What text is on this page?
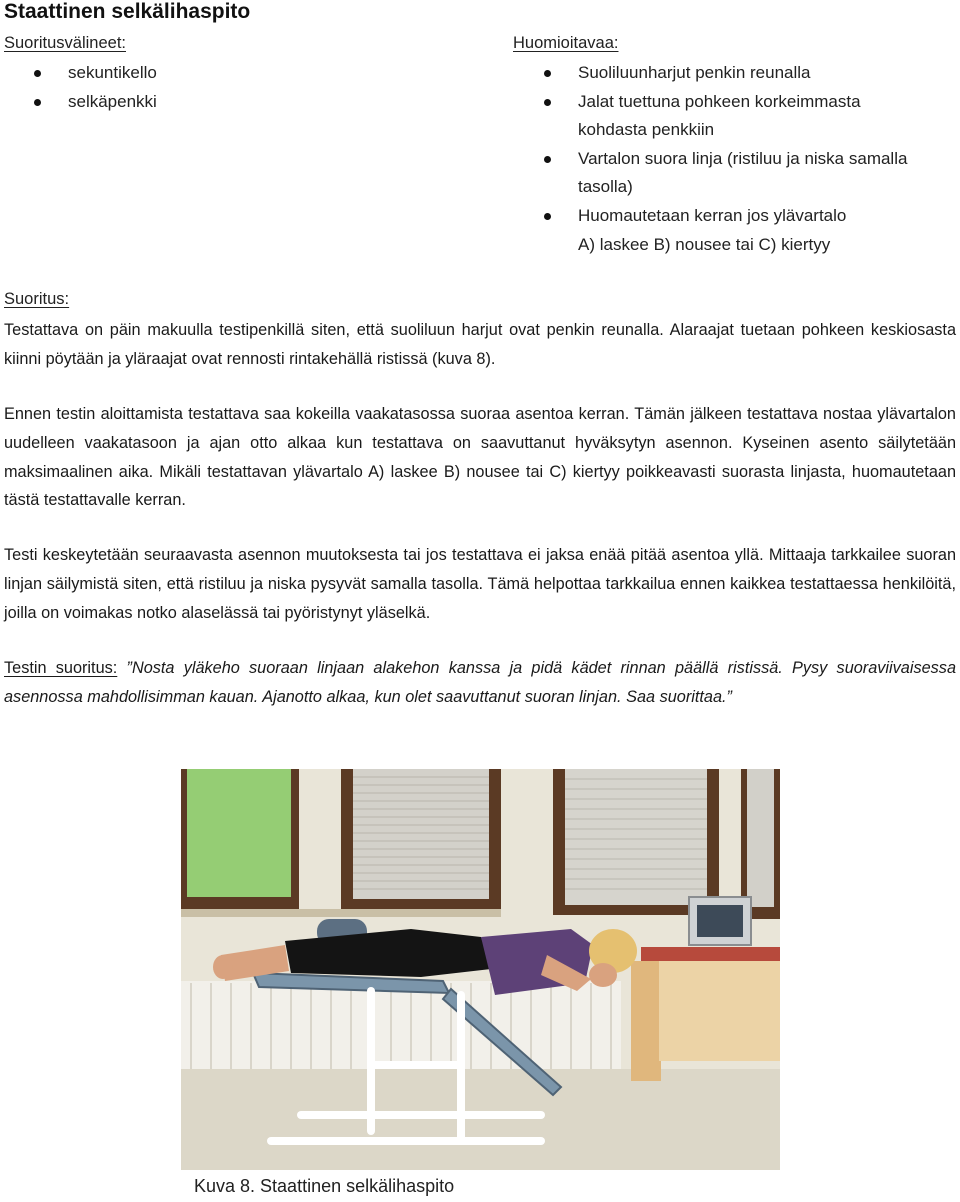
Staattinen selkälihaspito
Suoritusvälineet:
sekuntikello
selkäpenkki
Huomioitavaa:
Suoliluunharjut penkin reunalla
Jalat tuettuna pohkeen korkeimmasta
kohdasta penkkiin
Vartalon suora linja (ristiluu ja niska samalla
tasolla)
Huomautetaan kerran jos ylävartalo
A) laskee B) nousee tai C) kiertyy
Suoritus:
Testattava on päin makuulla testipenkillä siten, että suoliluun harjut ovat penkin reunalla. Alaraajat tuetaan pohkeen keskiosasta kiinni pöytään ja yläraajat ovat rennosti rintakehällä ristissä (kuva 8).
Ennen testin aloittamista testattava saa kokeilla vaakatasossa suoraa asentoa kerran. Tämän jälkeen testattava nostaa ylävartalon uudelleen vaakatasoon ja ajan otto alkaa kun testattava on saavuttanut hyväksytyn asennon. Kyseinen asento säilytetään maksimaalinen aika. Mikäli testattavan ylävartalo A) laskee B) nousee tai C) kiertyy poikkeavasti suorasta linjasta, huomautetaan tästä testattavalle kerran.
Testi keskeytetään seuraavasta asennon muutoksesta tai jos testattava ei jaksa enää pitää asentoa yllä. Mittaaja tarkkailee suoran linjan säilymistä siten, että ristiluu ja niska pysyvät samalla tasolla. Tämä helpottaa tarkkailua ennen kaikkea testattaessa henkilöitä, joilla on voimakas notko alaselässä tai pyöristynyt yläselkä.
Testin suoritus: ”Nosta yläkeho suoraan linjaan alakehon kanssa ja pidä kädet rinnan päällä ristissä. Pysy suoraviivaisessa asennossa mahdollisimman kauan. Ajanotto alkaa, kun olet saavuttanut suoran linjan. Saa suorittaa.”
Kuva 8. Staattinen selkälihaspito
